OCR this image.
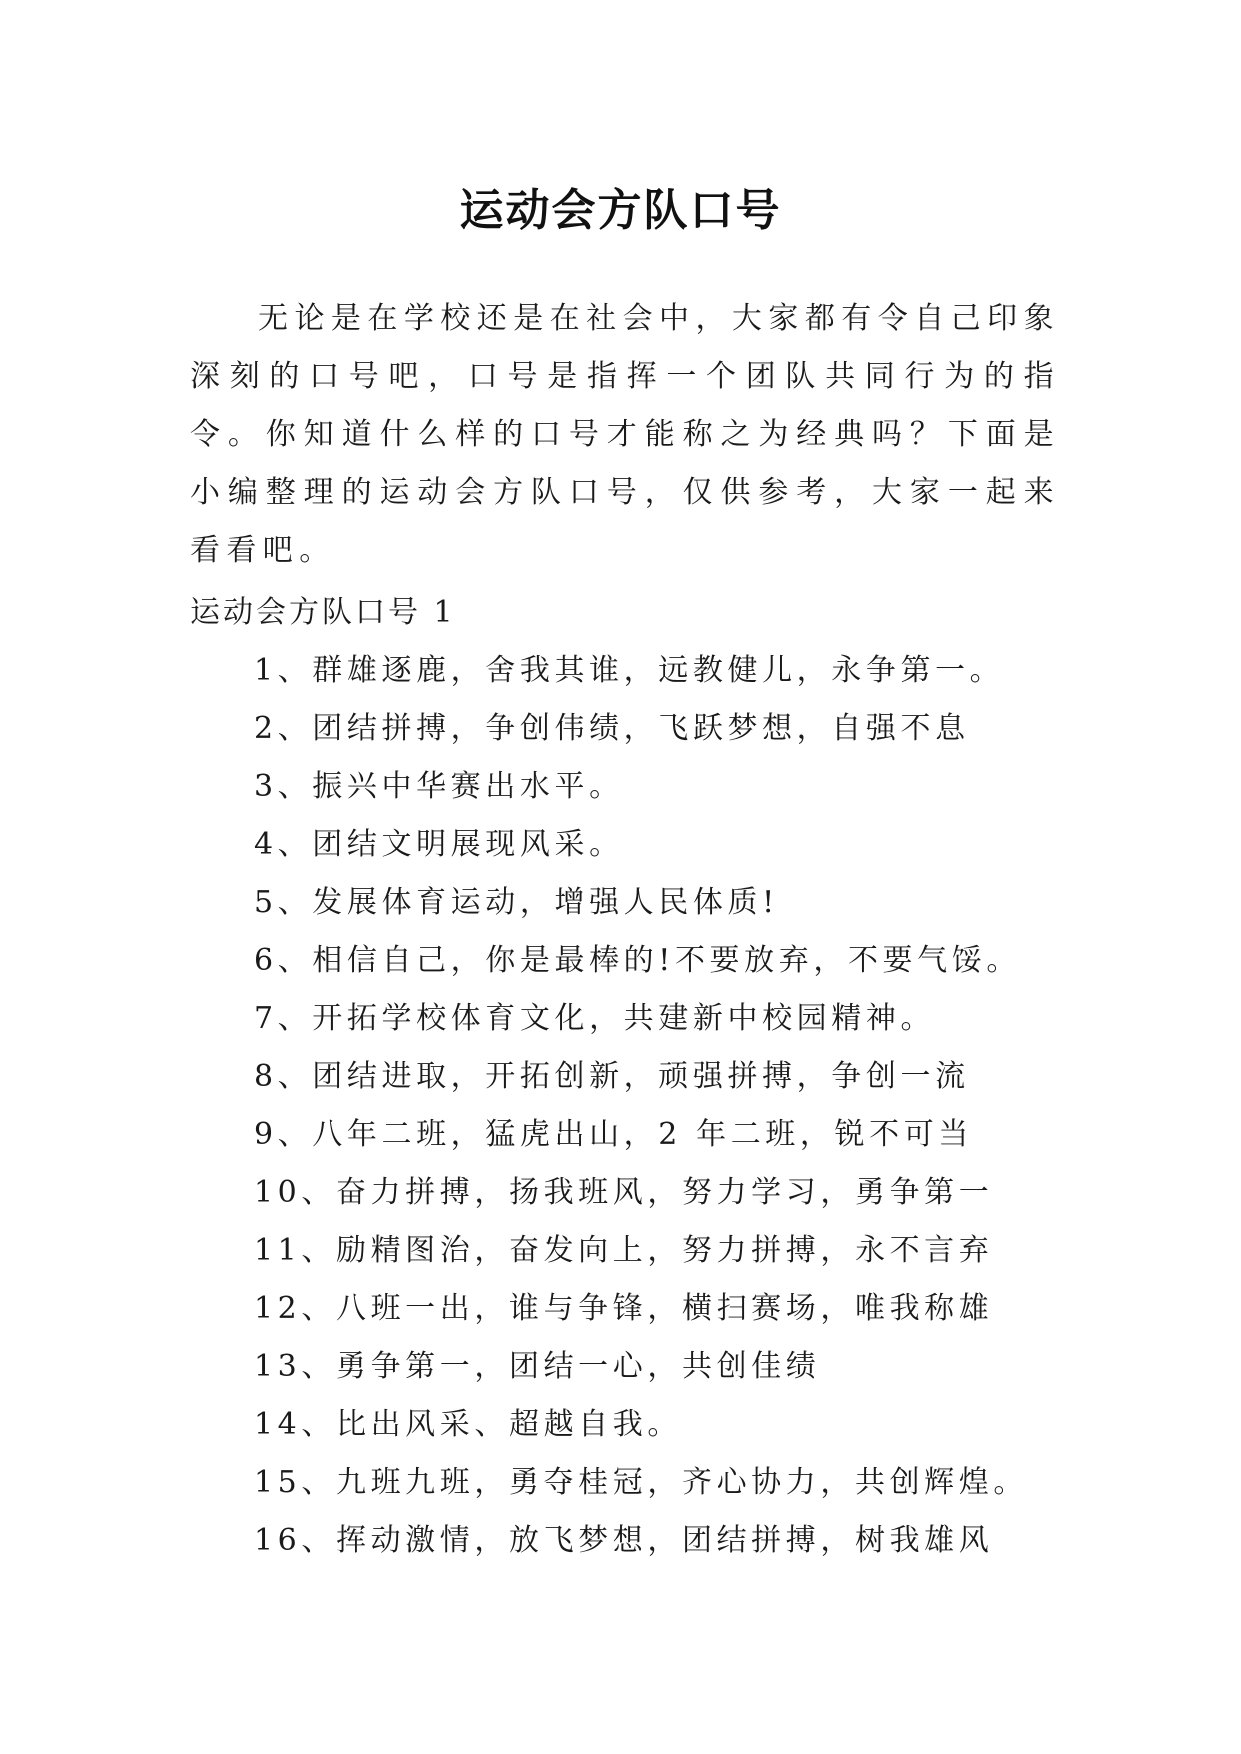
运动会方队口号

无论是在学校还是在社会中，大家都有令自己印象深刻的口号吧，口号是指挥一个团队共同行为的指令。你知道什么样的口号才能称之为经典吗？下面是小编整理的运动会方队口号，仅供参考，大家一起来看看吧。

运动会方队口号 1

1、群雄逐鹿，舍我其谁，远教健儿，永争第一。
2、团结拼搏，争创伟绩，飞跃梦想，自强不息
3、振兴中华赛出水平。
4、团结文明展现风采。
5、发展体育运动，增强人民体质!
6、相信自己，你是最棒的!不要放弃，不要气馁。
7、开拓学校体育文化，共建新中校园精神。
8、团结进取，开拓创新，顽强拼搏，争创一流
9、八年二班，猛虎出山，2 年二班，锐不可当
10、奋力拼搏，扬我班风，努力学习，勇争第一
11、励精图治，奋发向上，努力拼搏，永不言弃
12、八班一出，谁与争锋，横扫赛场，唯我称雄
13、勇争第一，团结一心，共创佳绩
14、比出风采、超越自我。
15、九班九班，勇夺桂冠，齐心协力，共创辉煌。
16、挥动激情，放飞梦想，团结拼搏，树我雄风
